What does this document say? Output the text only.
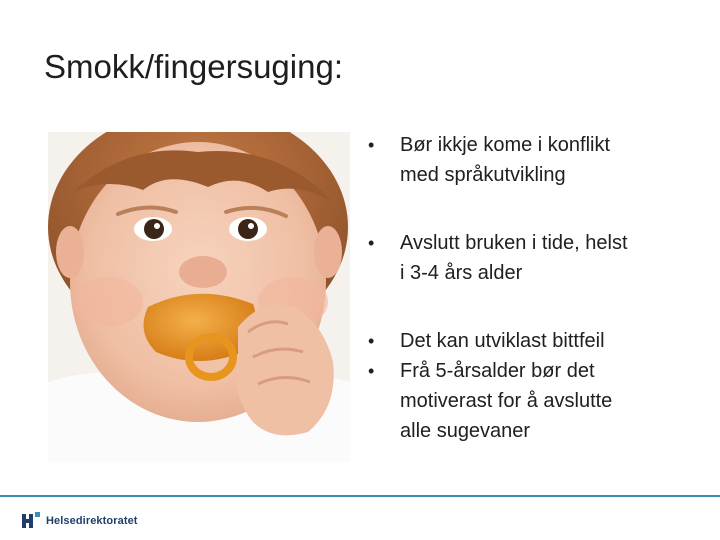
Smokk/fingersuging:
• Bør ikkje kome i konflikt
med språkutvikling
• Avslutt bruken i tide, helst
i 3-4 års alder
• Det kan utviklast bittfeil
• Frå 5-årsalder bør det
motiverast for å avslutte
alle sugevaner
Helsedirektoratet
